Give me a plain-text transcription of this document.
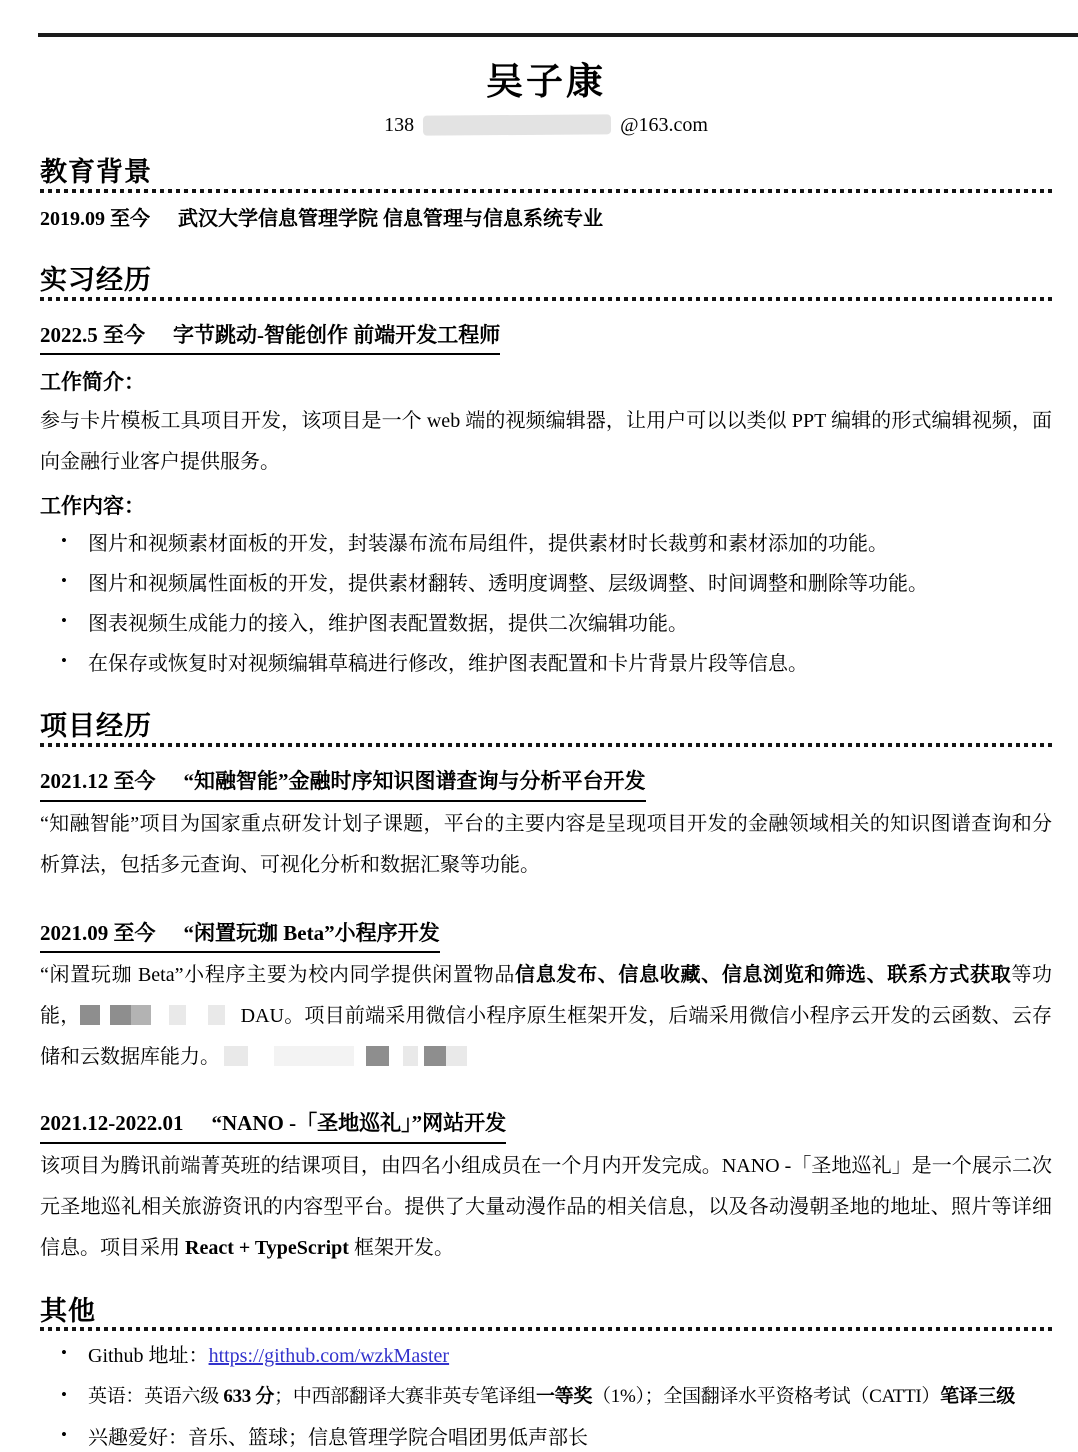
吴子康
138	@163.com
教育背景
2019.09 至今 武汉大学信息管理学院 信息管理与信息系统专业
实习经历
2022.5 至今 字节跳动-智能创作 前端开发工程师
工作简介：
参与卡片模板工具项目开发，该项目是一个 web 端的视频编辑器，让用户可以以类似 PPT 编辑的形式编辑视频，面向金融行业客户提供服务。
工作内容：
•	图片和视频素材面板的开发，封装瀑布流布局组件，提供素材时长裁剪和素材添加的功能。
•	图片和视频属性面板的开发，提供素材翻转、透明度调整、层级调整、时间调整和删除等功能。
•	图表视频生成能力的接入，维护图表配置数据，提供二次编辑功能。
•	在保存或恢复时对视频编辑草稿进行修改，维护图表配置和卡片背景片段等信息。
项目经历
2021.12 至今 “知融智能”金融时序知识图谱查询与分析平台开发
“知融智能”项目为国家重点研发计划子课题，平台的主要内容是呈现项目开发的金融领域相关的知识图谱查询和分析算法，包括多元查询、可视化分析和数据汇聚等功能。
2021.09 至今 “闲置玩珈 Beta”小程序开发
“闲置玩珈 Beta”小程序主要为校内同学提供闲置物品信息发布、信息收藏、信息浏览和筛选、联系方式获取等功能，	DAU。项目前端采用微信小程序原生框架开发，后端采用微信小程序云开发的云函数、云存储和云数据库能力。
2021.12-2022.01 “NANO -「圣地巡礼」”网站开发
该项目为腾讯前端菁英班的结课项目，由四名小组成员在一个月内开发完成。NANO -「圣地巡礼」是一个展示二次元圣地巡礼相关旅游资讯的内容型平台。提供了大量动漫作品的相关信息，以及各动漫朝圣地的地址、照片等详细信息。项目采用 React + TypeScript 框架开发。
其他
•	Github 地址：https://github.com/wzkMaster
•	英语：英语六级 633 分；中西部翻译大赛非英专笔译组一等奖（1%）；全国翻译水平资格考试（CATTI）笔译三级
•	兴趣爱好：音乐、篮球；信息管理学院合唱团男低声部长
